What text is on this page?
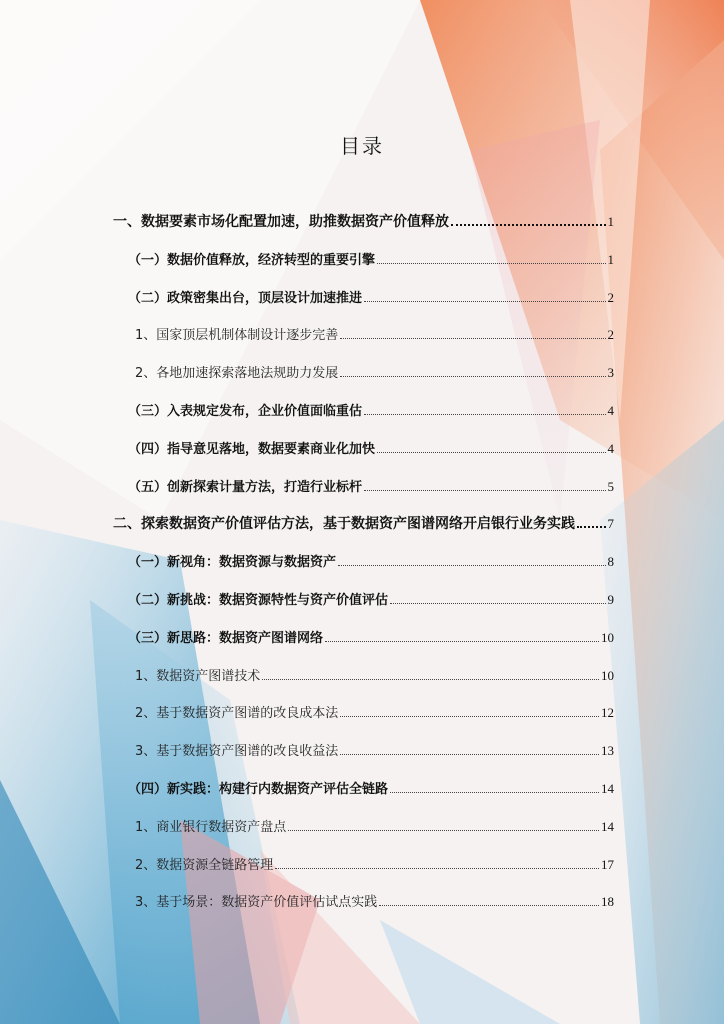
目录
一、数据要素市场化配置加速，助推数据资产价值释放	1
（一）数据价值释放，经济转型的重要引擎	1
（二）政策密集出台，顶层设计加速推进	2
1、国家顶层机制体制设计逐步完善	2
2、各地加速探索落地法规助力发展	3
（三）入表规定发布，企业价值面临重估	4
（四）指导意见落地，数据要素商业化加快	4
（五）创新探索计量方法，打造行业标杆	5
二、探索数据资产价值评估方法，基于数据资产图谱网络开启银行业务实践	7
（一）新视角：数据资源与数据资产	8
（二）新挑战：数据资源特性与资产价值评估	9
（三）新思路：数据资产图谱网络	10
1、数据资产图谱技术	10
2、基于数据资产图谱的改良成本法	12
3、基于数据资产图谱的改良收益法	13
（四）新实践：构建行内数据资产评估全链路	14
1、商业银行数据资产盘点	14
2、数据资源全链路管理	17
3、基于场景：数据资产价值评估试点实践	18
